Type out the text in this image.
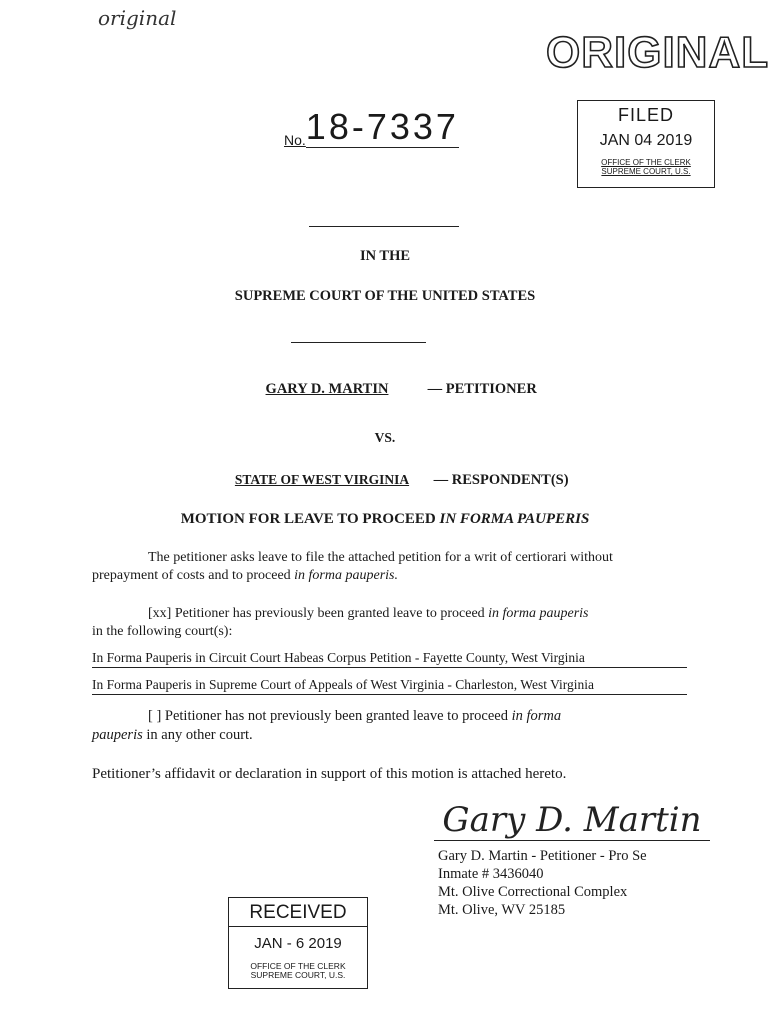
original
ORIGINAL
No.18-7337	FILED
JAN 04 2019
OFFICE OF THE CLERK
SUPREME COURT, U.S.
IN THE
SUPREME COURT OF THE UNITED STATES
GARY D. MARTIN	— PETITIONER
VS.
STATE OF WEST VIRGINIA — RESPONDENT(S)
MOTION FOR LEAVE TO PROCEED IN FORMA PAUPERIS
The petitioner asks leave to file the attached petition for a writ of certiorari without
prepayment of costs and to proceed in forma pauperis.
[xx] Petitioner has previously been granted leave to proceed in forma pauperis
in the following court(s):
In Forma Pauperis in Circuit Court Habeas Corpus Petition - Fayette County, West Virginia
In Forma Pauperis in Supreme Court of Appeals of West Virginia - Charleston, West Virginia
[ ] Petitioner has not previously been granted leave to proceed in forma
pauperis in any other court.
Petitioner’s affidavit or declaration in support of this motion is attached hereto.
Gary D. Martin
Gary D. Martin - Petitioner - Pro Se
Inmate # 3436040
Mt. Olive Correctional Complex
Mt. Olive, WV 25185
RECEIVED
JAN - 6 2019
OFFICE OF THE CLERK
SUPREME COURT, U.S.
